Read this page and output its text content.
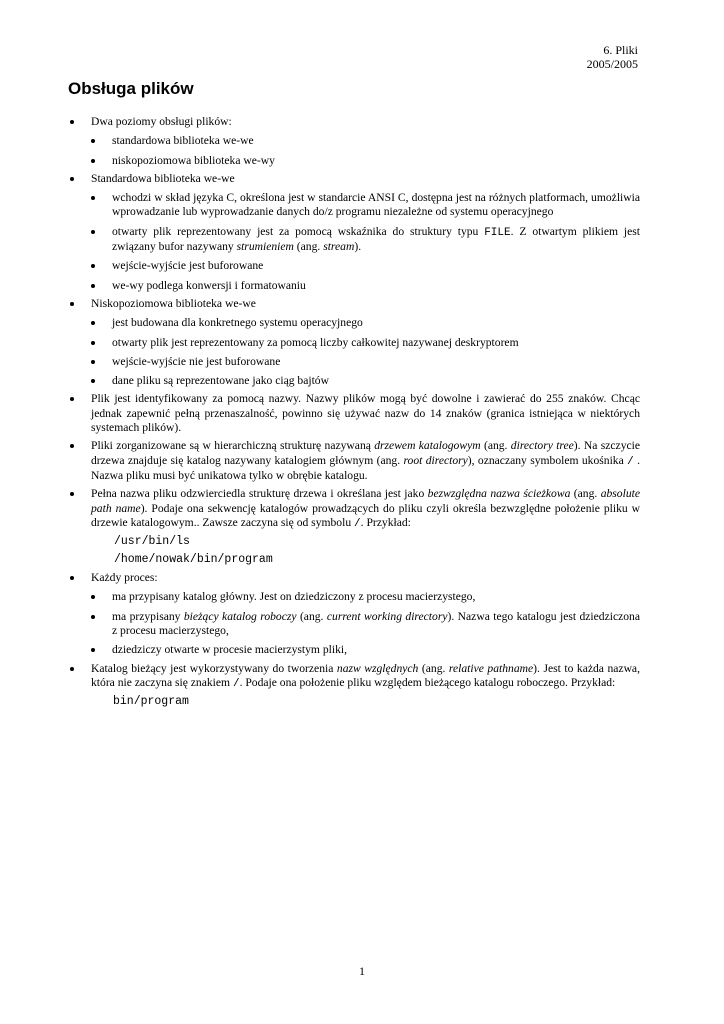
6. Pliki
2005/2005
Obsługa plików
Dwa poziomy obsługi plików:
standardowa biblioteka we-we
niskopoziomowa biblioteka we-wy
Standardowa biblioteka we-we
wchodzi w skład języka C, określona jest w standarcie ANSI C, dostępna jest na różnych platformach, umożliwia wprowadzanie lub wyprowadzanie danych do/z programu niezależne od systemu operacyjnego
otwarty plik reprezentowany jest za pomocą wskaźnika do struktury typu FILE. Z otwartym plikiem jest związany bufor nazywany strumieniem (ang. stream).
wejście-wyjście jest buforowane
we-wy podlega konwersji i formatowaniu
Niskopoziomowa biblioteka we-we
jest budowana dla konkretnego systemu operacyjnego
otwarty plik jest reprezentowany za pomocą liczby całkowitej nazywanej deskryptorem
wejście-wyjście nie jest buforowane
dane pliku są reprezentowane jako ciąg bajtów
Plik jest identyfikowany za pomocą nazwy. Nazwy plików mogą być dowolne i zawierać do 255 znaków. Chcąc jednak zapewnić pełną przenaszalność, powinno się używać nazw do 14 znaków (granica istniejąca w niektórych systemach plików).
Pliki zorganizowane są w hierarchiczną strukturę nazywaną drzewem katalogowym (ang. directory tree). Na szczycie drzewa znajduje się katalog nazywany katalogiem głównym (ang. root directory), oznaczany symbolem ukośnika / . Nazwa pliku musi być unikatowa tylko w obrębie katalogu.
Pełna nazwa pliku odzwierciedla strukturę drzewa i określana jest jako bezwzględna nazwa ścieżkowa (ang. absolute path name). Podaje ona sekwencję katalogów prowadzących do pliku czyli określa bezwzględne położenie pliku w drzewie katalogowym.. Zawsze zaczyna się od symbolu /. Przykład:
/usr/bin/ls
/home/nowak/bin/program
Każdy proces:
ma przypisany katalog główny. Jest on dziedziczony z procesu macierzystego,
ma przypisany bieżący katalog roboczy (ang. current working directory). Nazwa tego katalogu jest dziedziczona z procesu macierzystego,
dziedziczy otwarte w procesie macierzystym pliki,
Katalog bieżący jest wykorzystywany do tworzenia nazw względnych (ang. relative pathname). Jest to każda nazwa, która nie zaczyna się znakiem /. Podaje ona położenie pliku względem bieżącego katalogu roboczego. Przykład:
bin/program
1
